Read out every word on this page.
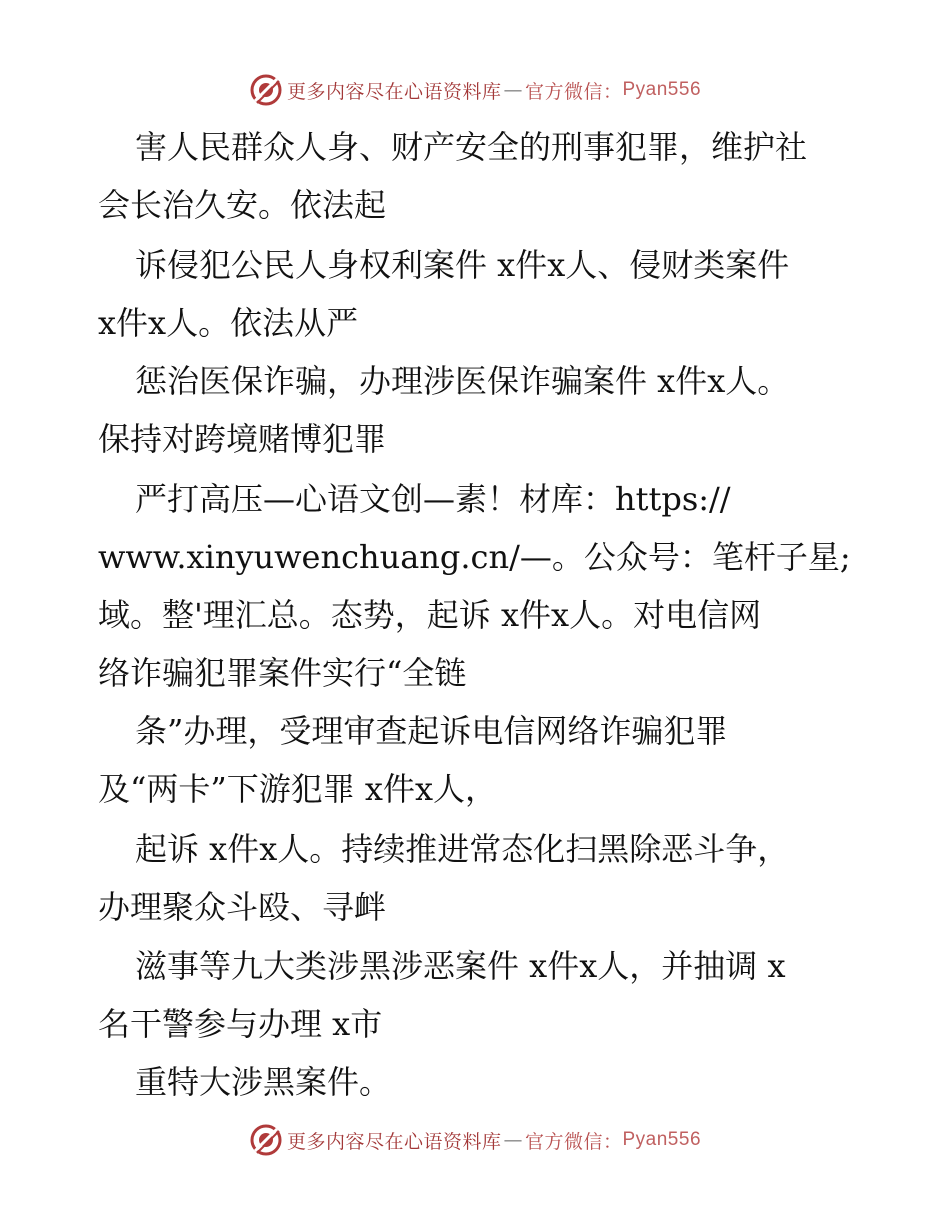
更多内容尽在心语资料库 — 官方微信： Pyan556
害人民群众人身、财产安全的刑事犯罪，维护社
会长治久安。依法起
诉侵犯公民人身权利案件 x件x人、侵财类案件
x件x人。依法从严
惩治医保诈骗，办理涉医保诈骗案件 x件x人。
保持对跨境赌博犯罪
严打高压—心语文创—素！材库：https://
www.xinyuwenchuang.cn/—。公众号：笔杆子星;
域。整'理汇总。态势，起诉 x件x人。对电信网
络诈骗犯罪案件实行“全链
条”办理，受理审查起诉电信网络诈骗犯罪
及“两卡”下游犯罪 x件x人，
起诉 x件x人。持续推进常态化扫黑除恶斗争，
办理聚众斗殴、寻衅
滋事等九大类涉黑涉恶案件 x件x人，并抽调 x
名干警参与办理 x市
重特大涉黑案件。
更多内容尽在心语资料库 — 官方微信： Pyan556
